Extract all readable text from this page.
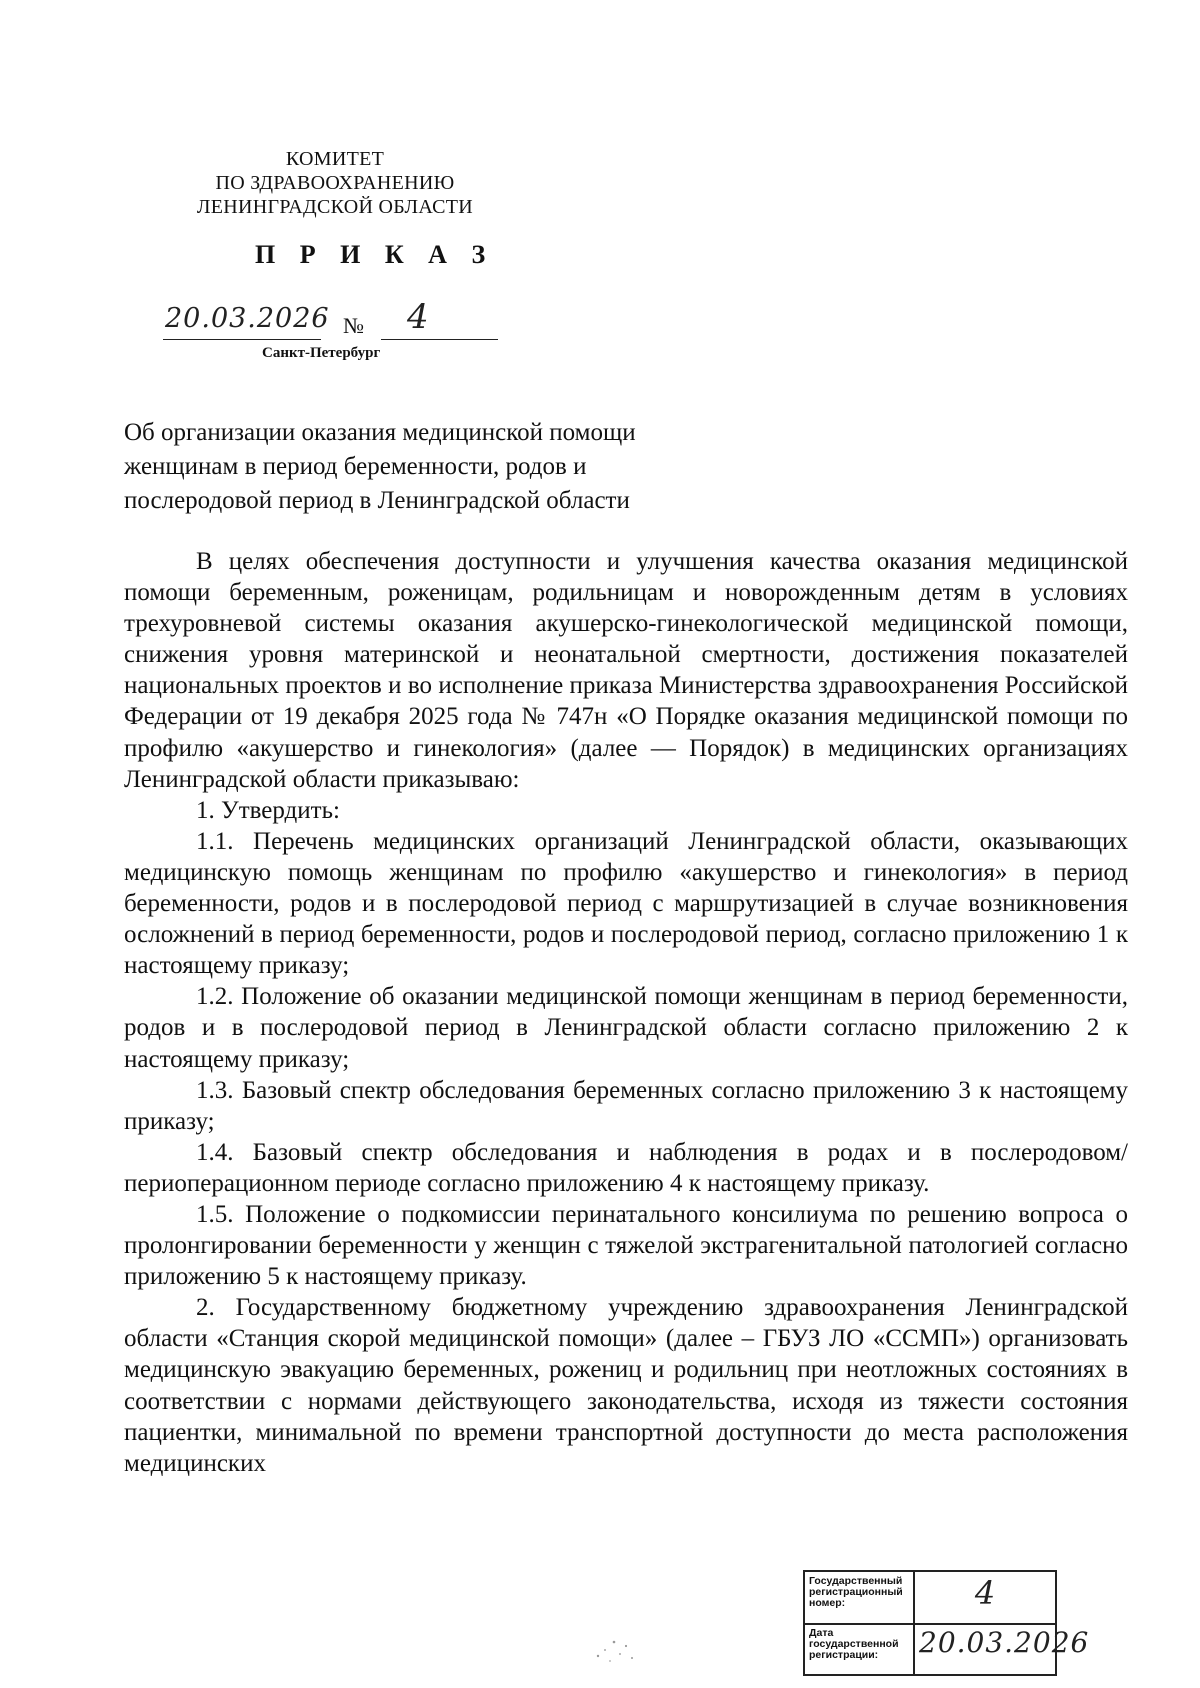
КОМИТЕТ
ПО ЗДРАВООХРАНЕНИЮ
ЛЕНИНГРАДСКОЙ ОБЛАСТИ
П Р И К А З
20.03.2026 № 4
Санкт-Петербург
Об организации оказания медицинской помощи
женщинам в период беременности, родов и
послеродовой период в Ленинградской области

В целях обеспечения доступности и улучшения качества оказания медицинской помощи беременным, роженицам, родильницам и новорожденным детям в условиях трехуровневой системы оказания акушерско-гинекологической медицинской помощи, снижения уровня материнской и неонатальной смертности, достижения показателей национальных проектов и во исполнение приказа Министерства здравоохранения Российской Федерации от 19 декабря 2025 года № 747н «О Порядке оказания медицинской помощи по профилю «акушерство и гинекология» (далее — Порядок) в медицинских организациях Ленинградской области приказываю:

1. Утвердить:

1.1. Перечень медицинских организаций Ленинградской области, оказывающих медицинскую помощь женщинам по профилю «акушерство и гинекология» в период беременности, родов и в послеродовой период с маршрутизацией в случае возникновения осложнений в период беременности, родов и послеродовой период, согласно приложению 1 к настоящему приказу;

1.2. Положение об оказании медицинской помощи женщинам в период беременности, родов и в послеродовой период в Ленинградской области согласно приложению 2 к настоящему приказу;

1.3. Базовый спектр обследования беременных согласно приложению 3 к настоящему приказу;

1.4. Базовый спектр обследования и наблюдения в родах и в послеродовом/периоперационном периоде согласно приложению 4 к настоящему приказу.

1.5. Положение о подкомиссии перинатального консилиума по решению вопроса о пролонгировании беременности у женщин с тяжелой экстрагенитальной патологией согласно приложению 5 к настоящему приказу.

2. Государственному бюджетному учреждению здравоохранения Ленинградской области «Станция скорой медицинской помощи» (далее – ГБУЗ ЛО «ССМП») организовать медицинскую эвакуацию беременных, рожениц и родильниц при неотложных состояниях в соответствии с нормами действующего законодательства, исходя из тяжести состояния пациентки, минимальной по времени транспортной доступности до места расположения медицинских

Государственный регистрационный номер:	4
Дата государственной регистрации:	20.03.2026
